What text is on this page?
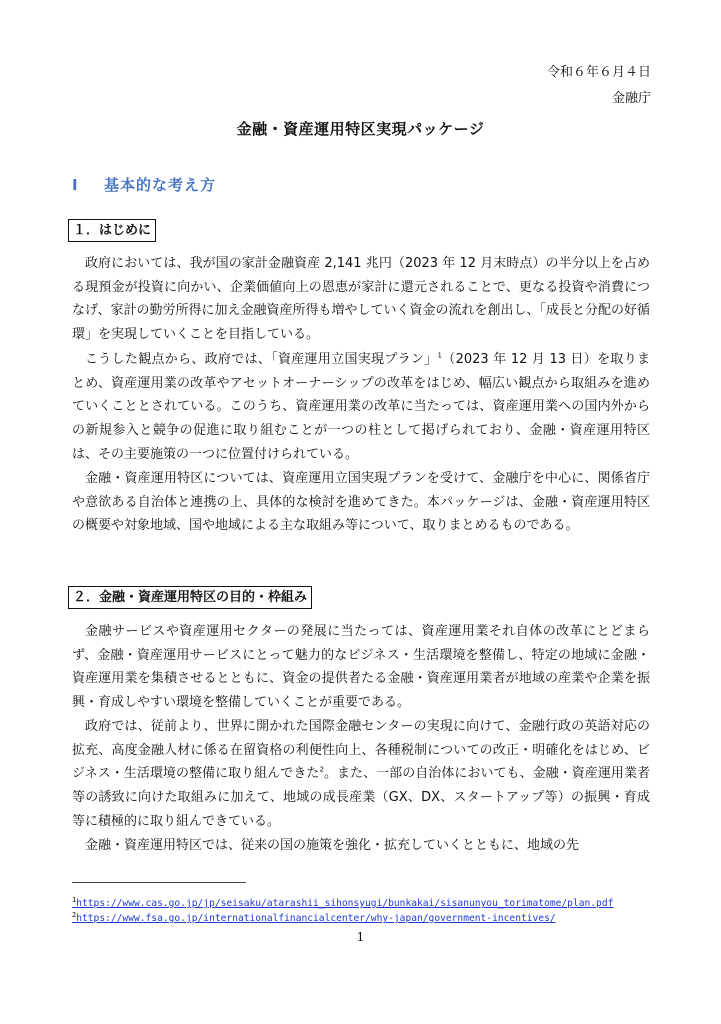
令和６年６月４日
金融庁
金融・資産運用特区実現パッケージ
Ⅰ 基本的な考え方
１．はじめに

政府においては、我が国の家計金融資産 2,141 兆円（2023 年 12 月末時点）の半分以上を占める現預金が投資に向かい、企業価値向上の恩恵が家計に還元されることで、更なる投資や消費につなげ、家計の勤労所得に加え金融資産所得も増やしていく資金の流れを創出し、「成長と分配の好循環」を実現していくことを目指している。

こうした観点から、政府では、「資産運用立国実現プラン」$^1$（2023 年 12 月 13 日）を取りまとめ、資産運用業の改革やアセットオーナーシップの改革をはじめ、幅広い観点から取組みを進めていくこととされている。このうち、資産運用業の改革に当たっては、資産運用業への国内外からの新規参入と競争の促進に取り組むことが一つの柱として掲げられており、金融・資産運用特区は、その主要施策の一つに位置付けられている。

金融・資産運用特区については、資産運用立国実現プランを受けて、金融庁を中心に、関係省庁や意欲ある自治体と連携の上、具体的な検討を進めてきた。本パッケージは、金融・資産運用特区の概要や対象地域、国や地域による主な取組み等について、取りまとめるものである。

２．金融・資産運用特区の目的・枠組み

金融サービスや資産運用セクターの発展に当たっては、資産運用業それ自体の改革にとどまらず、金融・資産運用サービスにとって魅力的なビジネス・生活環境を整備し、特定の地域に金融・資産運用業を集積させるとともに、資金の提供者たる金融・資産運用業者が地域の産業や企業を振興・育成しやすい環境を整備していくことが重要である。

政府では、従前より、世界に開かれた国際金融センターの実現に向けて、金融行政の英語対応の拡充、高度金融人材に係る在留資格の利便性向上、各種税制についての改正・明確化をはじめ、ビジネス・生活環境の整備に取り組んできた$^2$。また、一部の自治体においても、金融・資産運用業者等の誘致に向けた取組みに加えて、地域の成長産業（GX、DX、スタートアップ等）の振興・育成等に積極的に取り組んできている。

金融・資産運用特区では、従来の国の施策を強化・拡充していくとともに、地域の先

$^1$https://www.cas.go.jp/jp/seisaku/atarashii_sihonsyugi/bunkakai/sisanunyou_torimatome/plan.pdf
$^2$https://www.fsa.go.jp/internationalfinancialcenter/why-japan/government-incentives/
1
